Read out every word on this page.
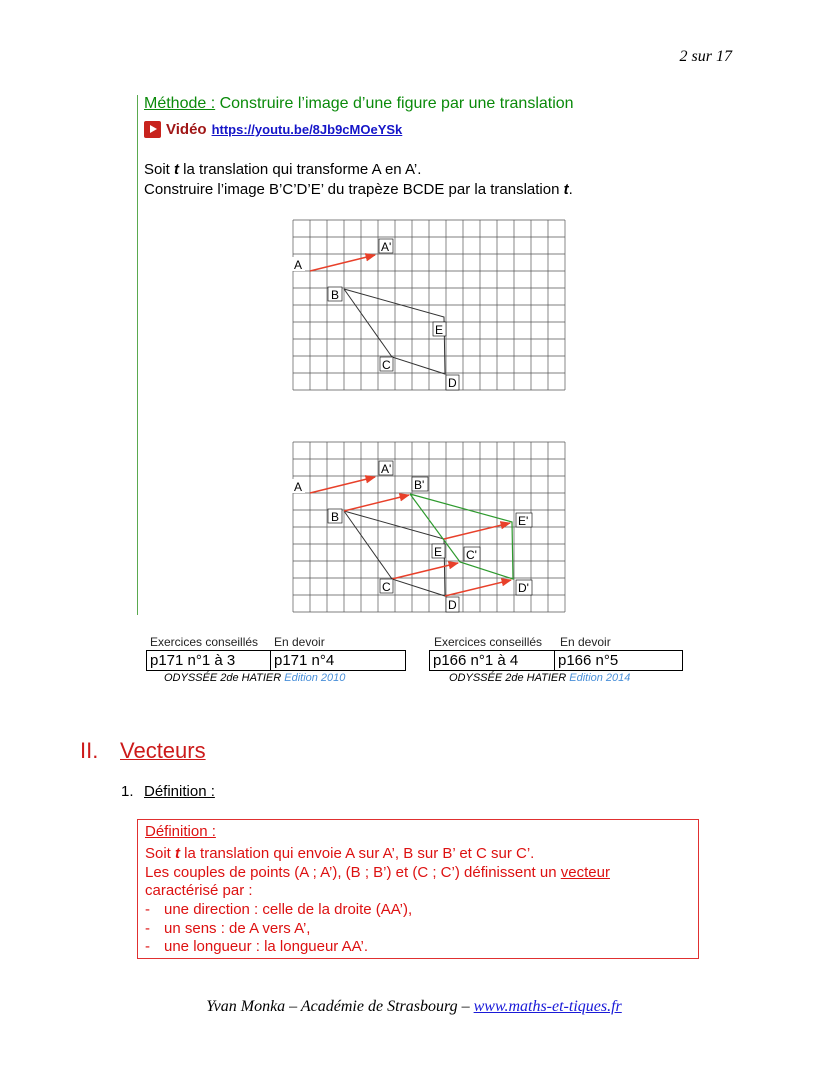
2 sur 17
Méthode : Construire l’image d’une figure par une translation
Vidéo https://youtu.be/8Jb9cMOeYSk
Soit t la translation qui transforme A en A’.
Construire l’image B’C’D’E’ du trapèze BCDE par la translation t.
A
A'
B
E
C
D
A
A'
B'
B	E'
E C'
C	D'
D
Exercices conseillés	En devoir
p171 n°1 à 3	p171 n°4
ODYSSÉE 2de HATIER Edition 2010
Exercices conseillés	En devoir
p166 n°1 à 4	p166 n°5
ODYSSÉE 2de HATIER Edition 2014
II. Vecteurs
1. Définition :
Définition :
Soit t la translation qui envoie A sur A’, B sur B’ et C sur C’.
Les couples de points (A ; A’), (B ; B’) et (C ; C’) définissent un vecteur
caractérisé par :
- une direction : celle de la droite (AA’),
- un sens : de A vers A’,
- une longueur : la longueur AA’.
Yvan Monka – Académie de Strasbourg – www.maths-et-tiques.fr
